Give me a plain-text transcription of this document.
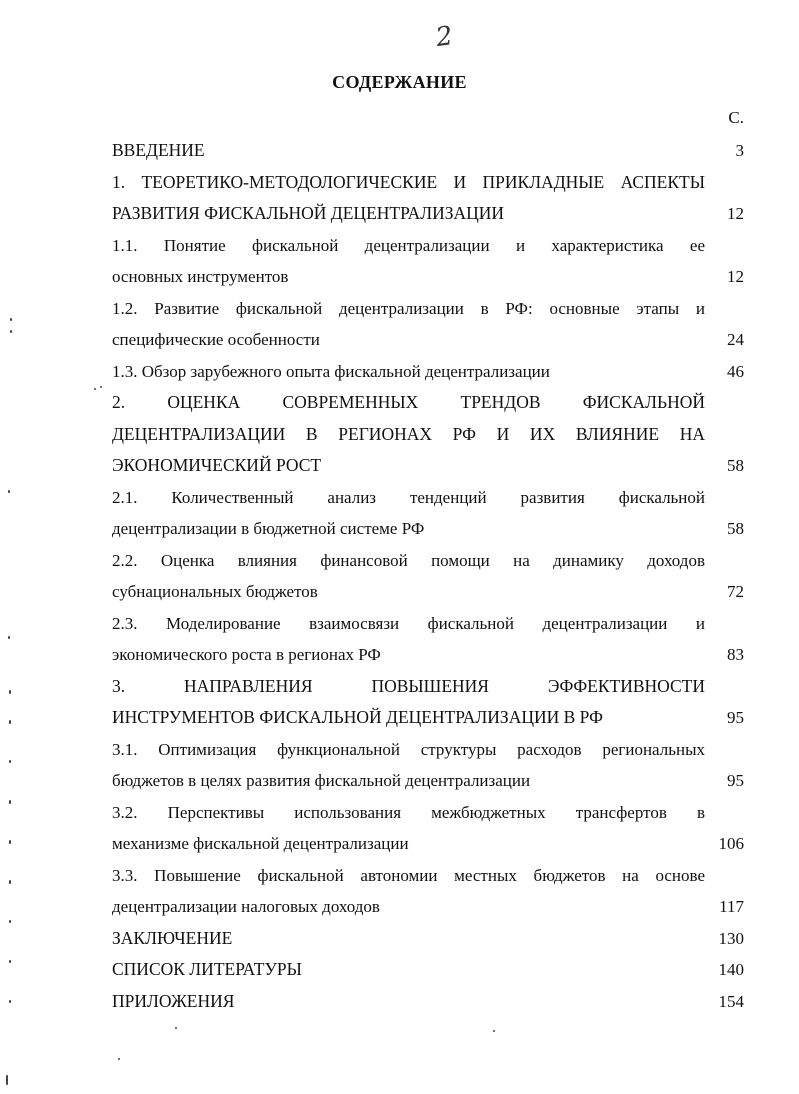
2
СОДЕРЖАНИЕ
С.
ВВЕДЕНИЕ	3
1. ТЕОРЕТИКО-МЕТОДОЛОГИЧЕСКИЕ И ПРИКЛАДНЫЕ АСПЕКТЫ
РАЗВИТИЯ ФИСКАЛЬНОЙ ДЕЦЕНТРАЛИЗАЦИИ	12
1.1. Понятие фискальной децентрализации и характеристика ее
основных инструментов	12
1.2. Развитие фискальной децентрализации в РФ: основные этапы и
специфические особенности	24
1.3. Обзор зарубежного опыта фискальной децентрализации	46
2. ОЦЕНКА СОВРЕМЕННЫХ ТРЕНДОВ ФИСКАЛЬНОЙ
ДЕЦЕНТРАЛИЗАЦИИ В РЕГИОНАХ РФ И ИХ ВЛИЯНИЕ НА
ЭКОНОМИЧЕСКИЙ РОСТ	58
2.1. Количественный анализ тенденций развития фискальной
децентрализации в бюджетной системе РФ	58
2.2. Оценка влияния финансовой помощи на динамику доходов
субнациональных бюджетов	72
2.3. Моделирование взаимосвязи фискальной децентрализации и
экономического роста в регионах РФ	83
3. НАПРАВЛЕНИЯ ПОВЫШЕНИЯ ЭФФЕКТИВНОСТИ
ИНСТРУМЕНТОВ ФИСКАЛЬНОЙ ДЕЦЕНТРАЛИЗАЦИИ В РФ	95
3.1. Оптимизация функциональной структуры расходов региональных
бюджетов в целях развития фискальной децентрализации	95
3.2. Перспективы использования межбюджетных трансфертов в
механизме фискальной децентрализации	106
3.3. Повышение фискальной автономии местных бюджетов на основе
децентрализации налоговых доходов	117
ЗАКЛЮЧЕНИЕ	130
СПИСОК ЛИТЕРАТУРЫ	140
ПРИЛОЖЕНИЯ	154
